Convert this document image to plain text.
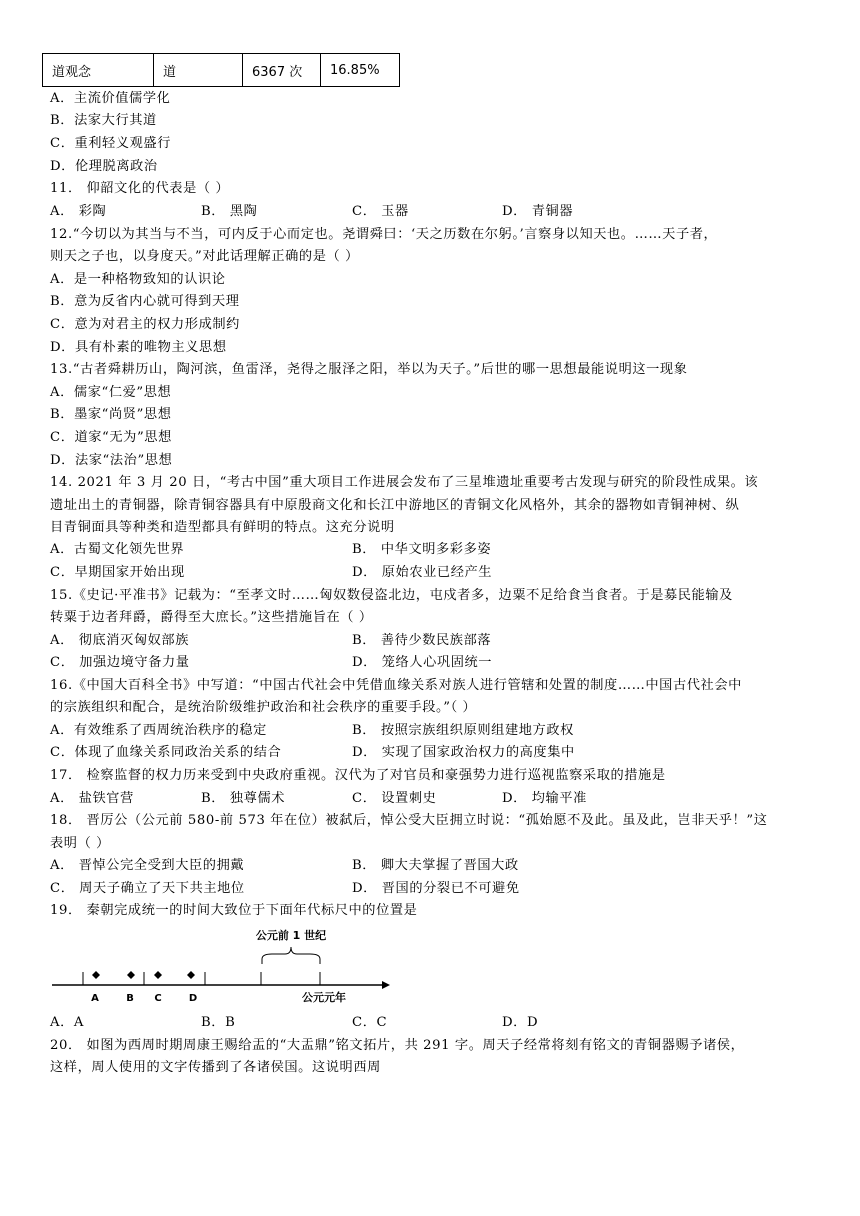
道观念	道	6367 次	16.85%
A．主流价值儒学化
B．法家大行其道
C．重利轻义观盛行
D．伦理脱离政治
11． 仰韶文化的代表是（ ）
A． 彩陶	B． 黑陶	C． 玉器	D． 青铜器
12.“今切以为其当与不当，可内反于心而定也。尧谓舜曰：‘天之历数在尔躬。’言察身以知天也。……天子者，
则天之子也，以身度天。”对此话理解正确的是（ ）
A．是一种格物致知的认识论
B．意为反省内心就可得到天理
C．意为对君主的权力形成制约
D．具有朴素的唯物主义思想
13.“古者舜耕历山，陶河滨，鱼雷泽，尧得之服泽之阳，举以为天子。”后世的哪一思想最能说明这一现象
A．儒家“仁爱”思想
B．墨家“尚贤”思想
C．道家“无为”思想
D．法家“法治”思想
14. 2021 年 3 月 20 日，“考古中国”重大项目工作进展会发布了三星堆遗址重要考古发现与研究的阶段性成果。该
遗址出土的青铜器，除青铜容器具有中原殷商文化和长江中游地区的青铜文化风格外，其余的器物如青铜神树、纵
目青铜面具等种类和造型都具有鲜明的特点。这充分说明
A．古蜀文化领先世界	B． 中华文明多彩多姿
C．早期国家开始出现	D． 原始农业已经产生
15.《史记·平准书》记载为：“至孝文时……匈奴数侵盗北边，屯戍者多，边粟不足给食当食者。于是募民能输及
转粟于边者拜爵，爵得至大庶长。”这些措施旨在（ ）
A． 彻底消灭匈奴部族	B． 善待少数民族部落
C． 加强边境守备力量	D． 笼络人心巩固统一
16.《中国大百科全书》中写道：“中国古代社会中凭借血缘关系对族人进行管辖和处置的制度……中国古代社会中
的宗族组织和配合，是统治阶级维护政治和社会秩序的重要手段。”（ ）
A．有效维系了西周统治秩序的稳定	B． 按照宗族组织原则组建地方政权
C．体现了血缘关系同政治关系的结合	D． 实现了国家政治权力的高度集中
17． 检察监督的权力历来受到中央政府重视。汉代为了对官员和豪强势力进行巡视监察采取的措施是
A． 盐铁官营	B． 独尊儒术	C． 设置刺史	D． 均输平准
18． 晋厉公（公元前 580-前 573 年在位）被弑后，悼公受大臣拥立时说：“孤始愿不及此。虽及此，岂非天乎！”这
表明（ ）
A． 晋悼公完全受到大臣的拥戴	B． 卿大夫掌握了晋国大政
C． 周天子确立了天下共主地位	D． 晋国的分裂已不可避免
19． 秦朝完成统一的时间大致位于下面年代标尺中的位置是
公元前 1 世纪
A	B C	D	公元元年
A．A	B．B	C．C	D．D
20． 如图为西周时期周康王赐给盂的“大盂鼎”铭文拓片，共 291 字。周天子经常将刻有铭文的青铜器赐予诸侯，
这样，周人使用的文字传播到了各诸侯国。这说明西周
